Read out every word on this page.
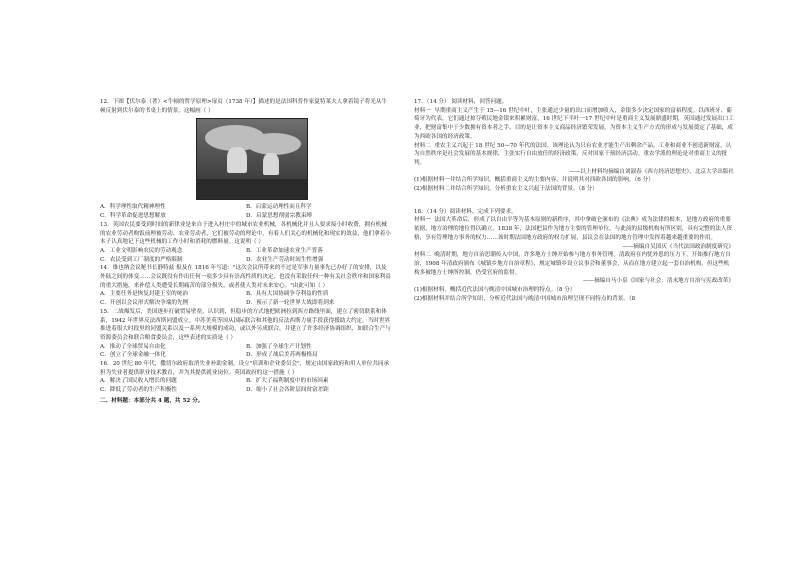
12．下图【伏尔泰（著）<牛顿的哲学原理>扉页（1738 年）】描述的是法国科普作家夏特莱夫人拿着镜子将光从牛顿反射到伏尔泰的书桌上的情景。这幅画（ ）

A．科学理性取代精神理性	B．启蒙运动理性而且科学
C．科学革命促进思想解放	D．启蒙思想削弱宗教束缚

13．英国农民要受到时间的新律业是来自于进入村庄中的城市农业机械，各机械化并且人要求接小时收费，拥有机械的农业劳动者购饭前理被劳动、农业劳动者，它们被劳动的理论中，有着人们关心的机械化和现实的效益，他们拿着小本子认真地记下这些机械的工作小时和消耗的燃料量。这说明（ ）

A．工业文明影响农民的劳动观念	B．工业革命加速农业生产普落
C．农民受到工厂制度的严格限制	D．农业生产劳动时间生性增强

14．维也纳会议秘书长静特兹 报及在 1816 年写道："这次会议所带来的不过是军事力量事先已办好了的安排，以及外陆之间的体变……会议既没有作出任何一项多少具有崇高性质的决定，也没有采取任何一种有关社会秩序和国家利益的重大措施，来补偿人类遭受长期痛苦的部分损失，或者使人类对未来安心。"由此可知（ ）

A．主要任务是恢复封建王室的统治	B．具有大国协调争夺利益的性质
C．开创以会议形式解决争端的先例	D．预示了新一轮世界大战即将到来

15．二战爆发后，美国逐步打破贸易壁垒，认识到，但稳步的方式地把欧洲拉到西方路线里面，建立了密切联系和体系，1942 年世界反法西斯同盟成立。中苏美英等国从国际联合和其他的反法西斯力量手段获得援助大约定，当时世界推进着很大时段里的同盟关系以及一系列大规模的成功，或以外另成联合，并建立了许多经济协调组织，如联合生产与资源委员会和联合粮食委员会，这些表述的实质是（ ）

A．推动了全球贸易自由化	B．加强了全球生产计划性
C．创立了全球金融一体化	D．形成了战后美苏两极格局

16．20 世纪 80 年代，撒切尔政府取消失业补助金制，设立"培训和企业委员会"，规定由国家政府和用人单位共同承担为失业者提供职业技术教育，并为其提供就业岗位。英国政府的这一措施（ ）

A．解决了国民收入增长的问题	B．扩大了福利制度中的市场因素
C．降低了劳动者的生产积极性	D．缩小了社会各阶层间贫富差距

二、材料题：本部分共 4 题，共 52 分。

17．（14 分） 阅读材料，回答问题。

材料一 早期重商主义产生于 15—16 世纪中叶，主张通过少量的出口而增加收入，金银多少决定国家的富裕程度。以西班牙、葡萄牙为代表，它们通过掠夺殖民地金银来积累财富。16 世纪下半叶一17 世纪中叶是重商主义发展鼎盛时期，英国通过发展出口工业，把财富集中于少数拥有资本者之手，目的是让资本主义商品经济繁荣发展，为资本主义生产方式的形成与发展奠定了基础，成为西欧各国的经济政策。

材料二 重农主义兴起于 18 世纪 50—70 年代的法国。该理论认为只有农业才能生产出剩余产品，工业和商业不创造新财富，认为自然秩序是社会发展的基本规律，主张实行自由放任的经济政策，反对国家干预经济活动。重农学派的理论是对重商主义的批判。

——以上材料均摘编自刘淑春《西方经济思想史》，北京大学出版社

(1)根据材料一并结合所学知识，概括重商主义的主要内容，并说明其对西欧各国的影响。（6 分）

(2)根据材料二并结合所学知识，分析重农主义兴起于法国的背景。（8 分）

18．（14 分）阅读材料，完成下列要求。

材料一 法国大革命后，形成了以自由平等为基本原则的新秩序，其中拿破仑颁布的《法典》成为法律的根本，是地方政府的重要依据，地方治理的地位得以确立。1838 年，法国把县作为地方主要的管理单位，与此前的县级机构有所区别，具有完整的法人资格，享有管理地方事务的权力……该时期法国地方政府的权力扩展，县议会在法国的地方管理中发挥着越来越重要的作用。

——摘编自吴国庆《当代法国政治制度研究》

材料二 晚清时期，地方自治思潮传入中国，许多地方士绅开始参与地方事务管理。清政府在内忧外患的压力下，开始推行地方自治，1908 年清政府颁布《城镇乡地方自治章程》，规定城镇乡设立议事会和董事会，从而在地方建立起一套自治机构，但这些机构多被地方士绅所控制，仍受官府的监督。

——摘编自马小泉《国家与社会：清末地方自治与宪政改革》

(1)根据材料，概括近代法国与晚清中国城市治理的特点。（8 分）

(2)根据材料并结合所学知识，分析近代法国与晚清中国城市治理呈现不同特点的背景。（8
